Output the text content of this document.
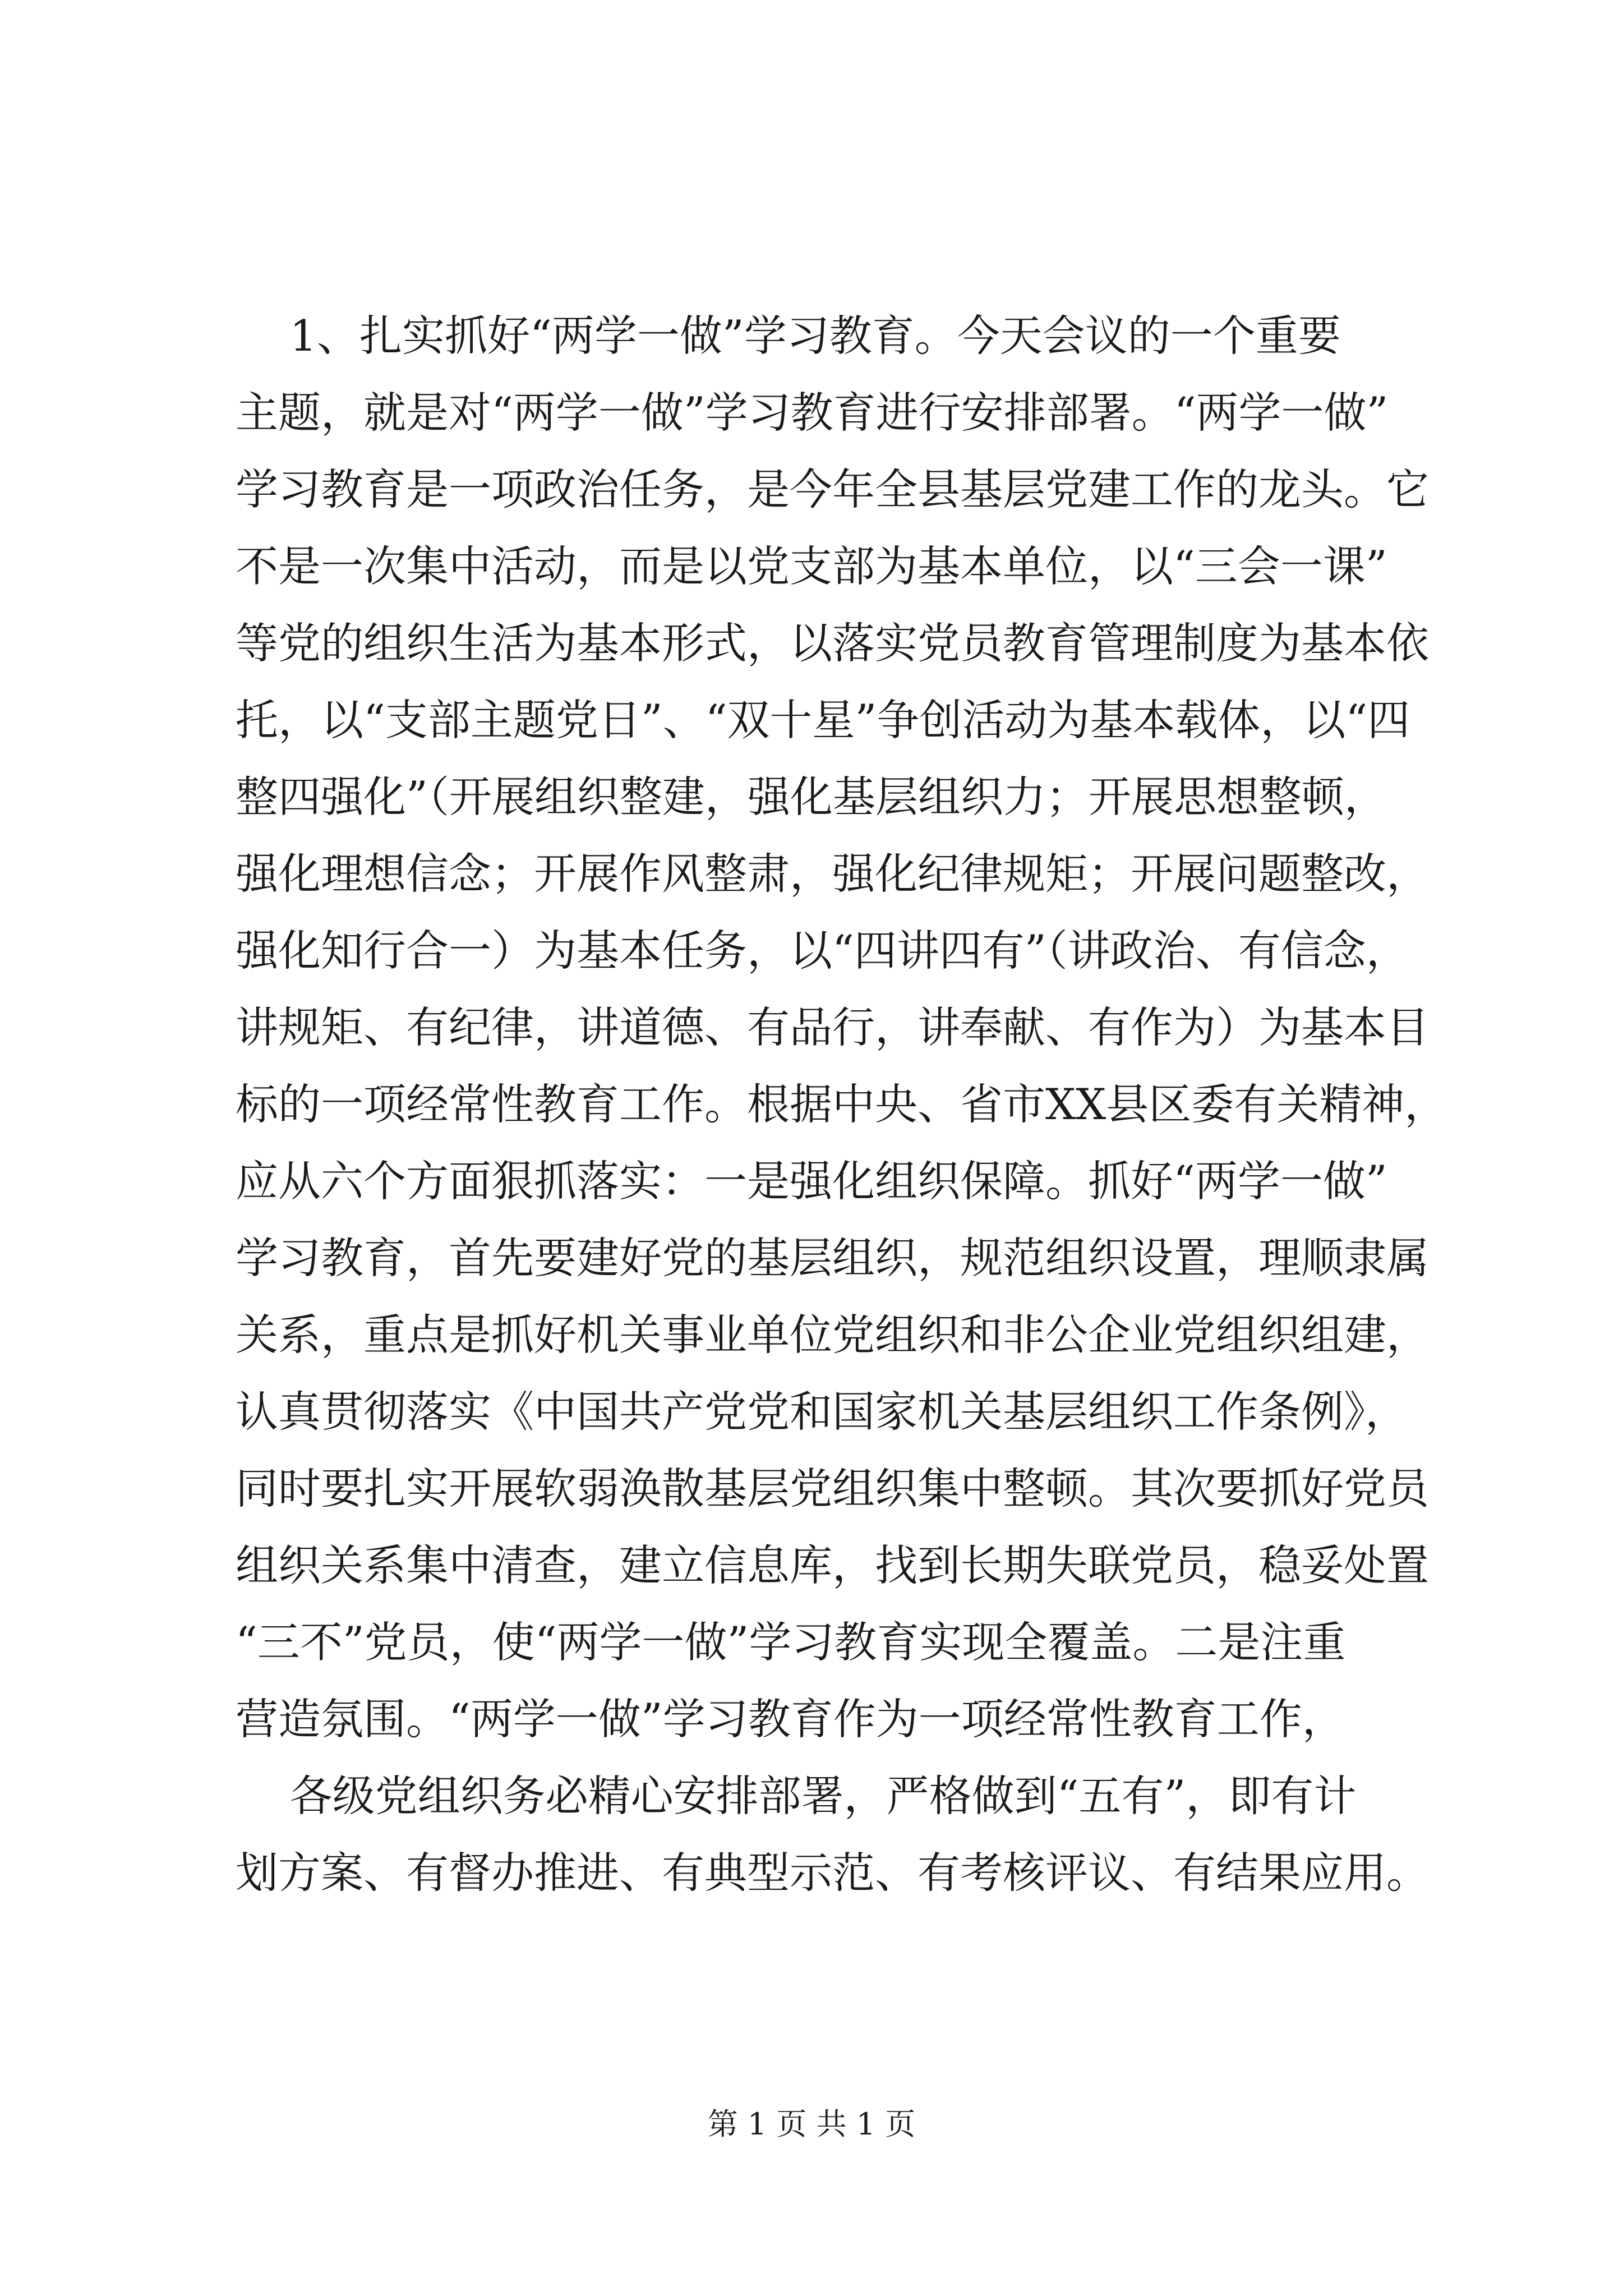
1、扎实抓好“两学一做”学习教育。今天会议的一个重要
主题，就是对“两学一做”学习教育进行安排部署。“两学一做”
学习教育是一项政治任务，是今年全县基层党建工作的龙头。它
不是一次集中活动，而是以党支部为基本单位，以“三会一课”
等党的组织生活为基本形式，以落实党员教育管理制度为基本依
托，以“支部主题党日”、“双十星”争创活动为基本载体，以“四
整四强化”（开展组织整建，强化基层组织力；开展思想整顿，
强化理想信念；开展作风整肃，强化纪律规矩；开展问题整改，
强化知行合一）为基本任务，以“四讲四有”（讲政治、有信念，
讲规矩、有纪律，讲道德、有品行，讲奉献、有作为）为基本目
标的一项经常性教育工作。根据中央、省市XX县区委有关精神，
应从六个方面狠抓落实：一是强化组织保障。抓好“两学一做”
学习教育，首先要建好党的基层组织，规范组织设置，理顺隶属
关系，重点是抓好机关事业单位党组织和非公企业党组织组建，
认真贯彻落实《中国共产党党和国家机关基层组织工作条例》，
同时要扎实开展软弱涣散基层党组织集中整顿。其次要抓好党员
组织关系集中清查，建立信息库，找到长期失联党员，稳妥处置
“三不”党员，使“两学一做”学习教育实现全覆盖。二是注重
营造氛围。“两学一做”学习教育作为一项经常性教育工作，
各级党组织务必精心安排部署，严格做到“五有”，即有计
划方案、有督办推进、有典型示范、有考核评议、有结果应用。
第 1 页 共 1 页
